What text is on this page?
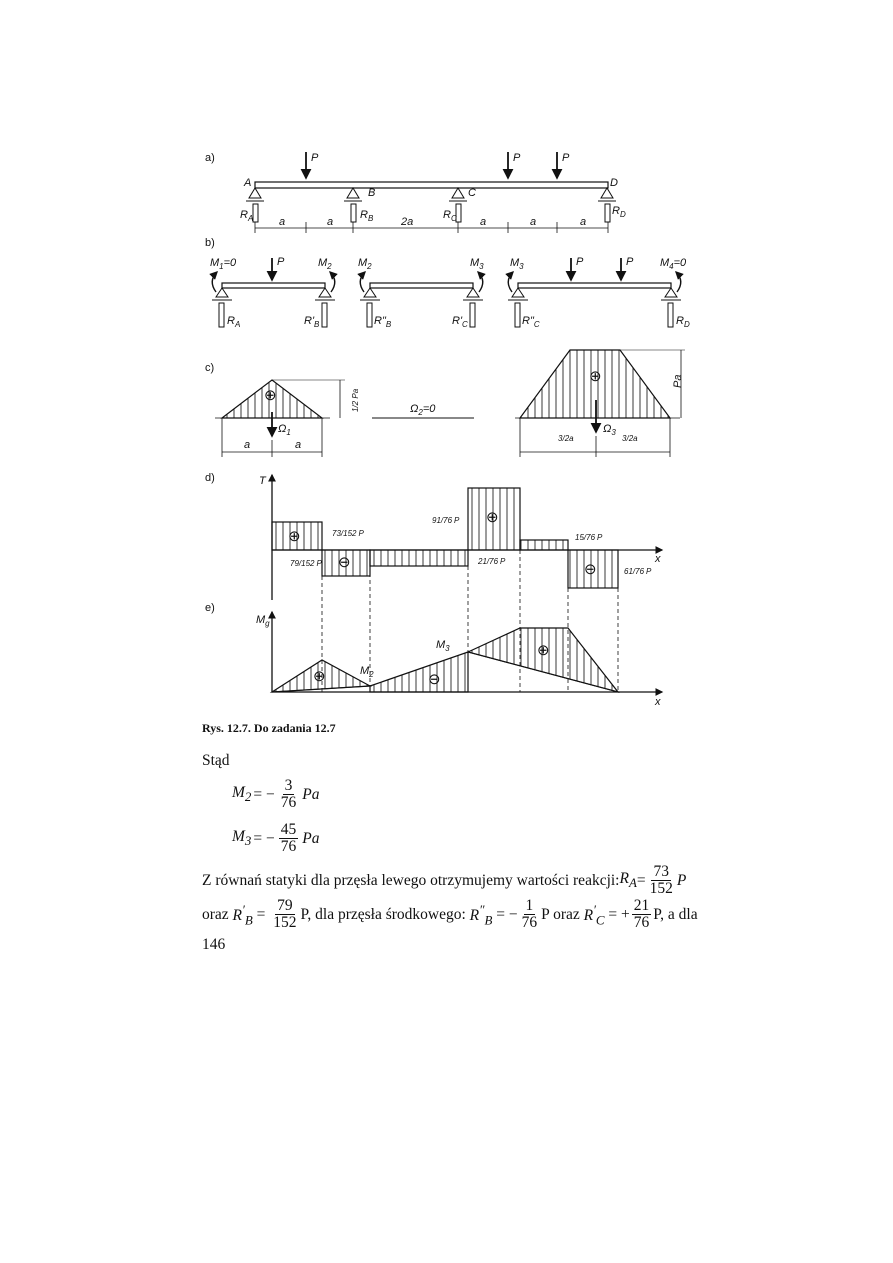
a)
A
B	C
D
P	P	P
$R_A$	$R_B$	$R_C$
$R_D$
a	a	2a	a	a	a
b)
$M_1=0$	$M_2$ $M_2$	$M_3$ $M_3$	$M_4=0$
P	P	P
$R_A$	$R'_B$	$R"_B$	$R'_C$	$R"_C$	$R_D$
c)
⊕
$\Omega_1$
1/2 Pa
a	a
$\Omega_2=0$
Pa
⊕
$\Omega_3$
3/2a	3/2a
d)	T
x
⊕
⊖
⊕
⊖
73/152 P
79/152 P
91/76 P
21/76 P
15/76 P
61/76 P
e)
$M_g$
x
⊕	⊖
⊕
$M_2$
$M_3$
Rys. 12.7. Do zadania 12.7
Stąd
$M_2$ = − $\frac{3}{76}$ Pa
$M_3$ = − $\frac{45}{76}$ Pa
Z równań statyki dla przęsła lewego otrzymujemy wartości reakcji: $R_A = \frac{73}{152}$ P
oraz $R'_B = \frac{79}{152} P$, dla przęsła środkowego: $R''_B$ = − $\frac{1}{76}$ P oraz $R'_C$ = + $\frac{21}{76} P$, a dla
146
